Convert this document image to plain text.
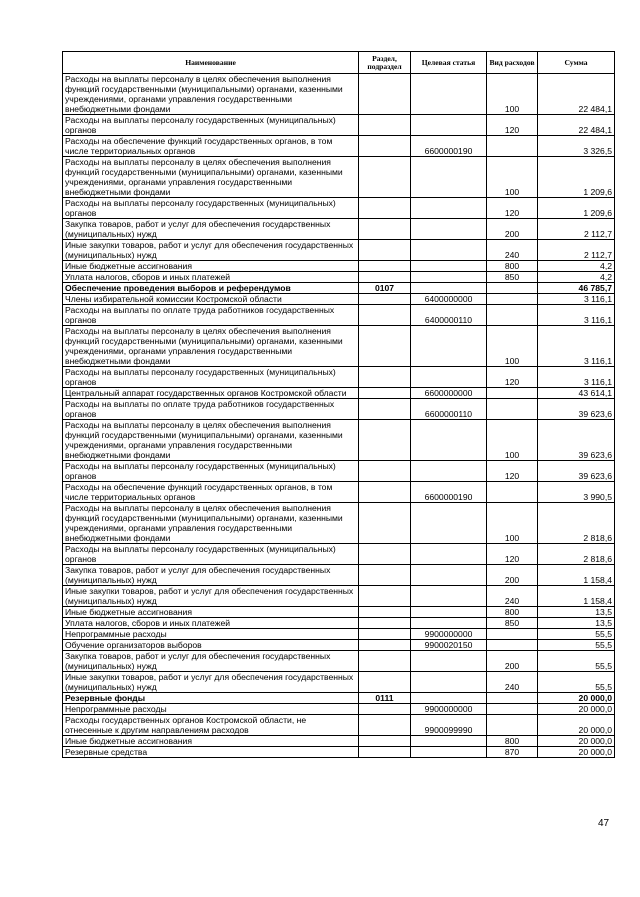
Наименование	Раздел, подраздел	Целевая статья	Вид расходов	Сумма
Расходы на выплаты персоналу в целях обеспечения выполнения функций государственными (муниципальными) органами, казенными учреждениями, органами управления государственными внебюджетными фондами			100	22 484,1
Расходы на выплаты персоналу государственных (муниципальных) органов			120	22 484,1
Расходы на обеспечение функций государственных органов, в том числе территориальных органов		6600000190		3 326,5
Расходы на выплаты персоналу в целях обеспечения выполнения функций государственными (муниципальными) органами, казенными учреждениями, органами управления государственными внебюджетными фондами			100	1 209,6
Расходы на выплаты персоналу государственных (муниципальных) органов			120	1 209,6
Закупка товаров, работ и услуг для обеспечения государственных (муниципальных) нужд			200	2 112,7
Иные закупки товаров, работ и услуг для обеспечения государственных (муниципальных) нужд			240	2 112,7
Иные бюджетные ассигнования			800	4,2
Уплата налогов, сборов и иных платежей			850	4,2
Обеспечение проведения выборов и референдумов	0107			46 785,7
Члены избирательной комиссии Костромской области		6400000000		3 116,1
Расходы на выплаты по оплате труда работников государственных органов		6400000110		3 116,1
Расходы на выплаты персоналу в целях обеспечения выполнения функций государственными (муниципальными) органами, казенными учреждениями, органами управления государственными внебюджетными фондами			100	3 116,1
Расходы на выплаты персоналу государственных (муниципальных) органов			120	3 116,1
Центральный аппарат государственных органов Костромской области		6600000000		43 614,1
Расходы на выплаты по оплате труда работников государственных органов		6600000110		39 623,6
Расходы на выплаты персоналу в целях обеспечения выполнения функций государственными (муниципальными) органами, казенными учреждениями, органами управления государственными внебюджетными фондами			100	39 623,6
Расходы на выплаты персоналу государственных (муниципальных) органов			120	39 623,6
Расходы на обеспечение функций государственных органов, в том числе территориальных органов		6600000190		3 990,5
Расходы на выплаты персоналу в целях обеспечения выполнения функций государственными (муниципальными) органами, казенными учреждениями, органами управления государственными внебюджетными фондами			100	2 818,6
Расходы на выплаты персоналу государственных (муниципальных) органов			120	2 818,6
Закупка товаров, работ и услуг для обеспечения государственных (муниципальных) нужд			200	1 158,4
Иные закупки товаров, работ и услуг для обеспечения государственных (муниципальных) нужд			240	1 158,4
Иные бюджетные ассигнования			800	13,5
Уплата налогов, сборов и иных платежей			850	13,5
Непрограммные расходы		9900000000		55,5
Обучение организаторов выборов		9900020150		55,5
Закупка товаров, работ и услуг для обеспечения государственных (муниципальных) нужд			200	55,5
Иные закупки товаров, работ и услуг для обеспечения государственных (муниципальных) нужд			240	55,5
Резервные фонды	0111			20 000,0
Непрограммные расходы		9900000000		20 000,0
Расходы государственных органов Костромской области, не отнесенные к другим направлениям расходов		9900099990		20 000,0
Иные бюджетные ассигнования			800	20 000,0
Резервные средства			870	20 000,0
47
